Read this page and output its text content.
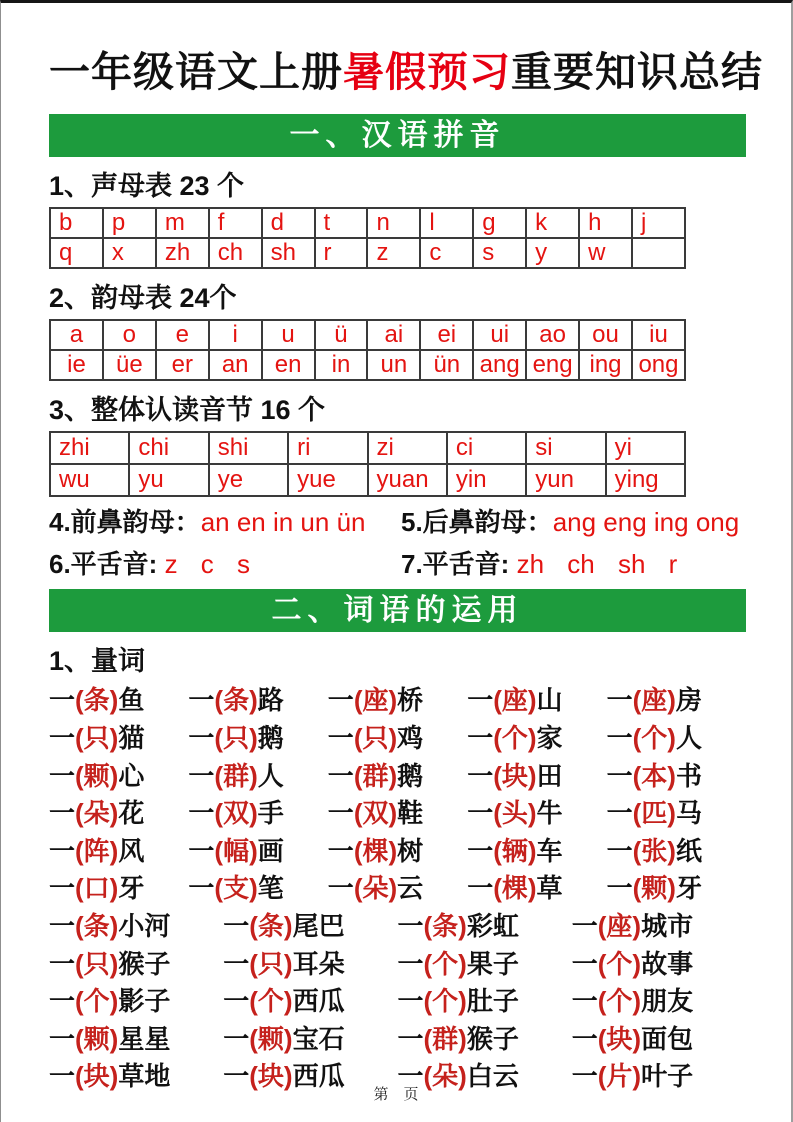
一年级语文上册暑假预习重要知识总结
一、汉语拼音
1、声母表 23 个
b	p	m	f	d	t	n	l	g	k	h	j
q	x	zh	ch	sh	r	z	c	s	y	w	
2、韵母表 24个
a	o	e	i	u	ü	ai	ei	ui	ao	ou	iu
ie	üe	er	an	en	in	un	ün	ang	eng	ing	ong
3、整体认读音节 16 个
zhi	chi	shi	ri	zi	ci	si	yi
wu	yu	ye	yue	yuan	yin	yun	ying
4.前鼻韵母：an en in un ün	5.后鼻韵母：ang eng ing ong
6.平舌音: z c s	7.平舌音: zh ch sh r
二、词语的运用
1、量词
一(条)鱼	一(条)路	一(座)桥	一(座)山	一(座)房
一(只)猫	一(只)鹅	一(只)鸡	一(个)家	一(个)人
一(颗)心	一(群)人	一(群)鹅	一(块)田	一(本)书
一(朵)花	一(双)手	一(双)鞋	一(头)牛	一(匹)马
一(阵)风	一(幅)画	一(棵)树	一(辆)车	一(张)纸
一(口)牙	一(支)笔	一(朵)云	一(棵)草	一(颗)牙
一(条)小河	一(条)尾巴	一(条)彩虹	一(座)城市
一(只)猴子	一(只)耳朵	一(个)果子	一(个)故事
一(个)影子	一(个)西瓜	一(个)肚子	一(个)朋友
一(颗)星星	一(颗)宝石	一(群)猴子	一(块)面包
一(块)草地	一(块)西瓜	一(朵)白云	一(片)叶子
第　页
